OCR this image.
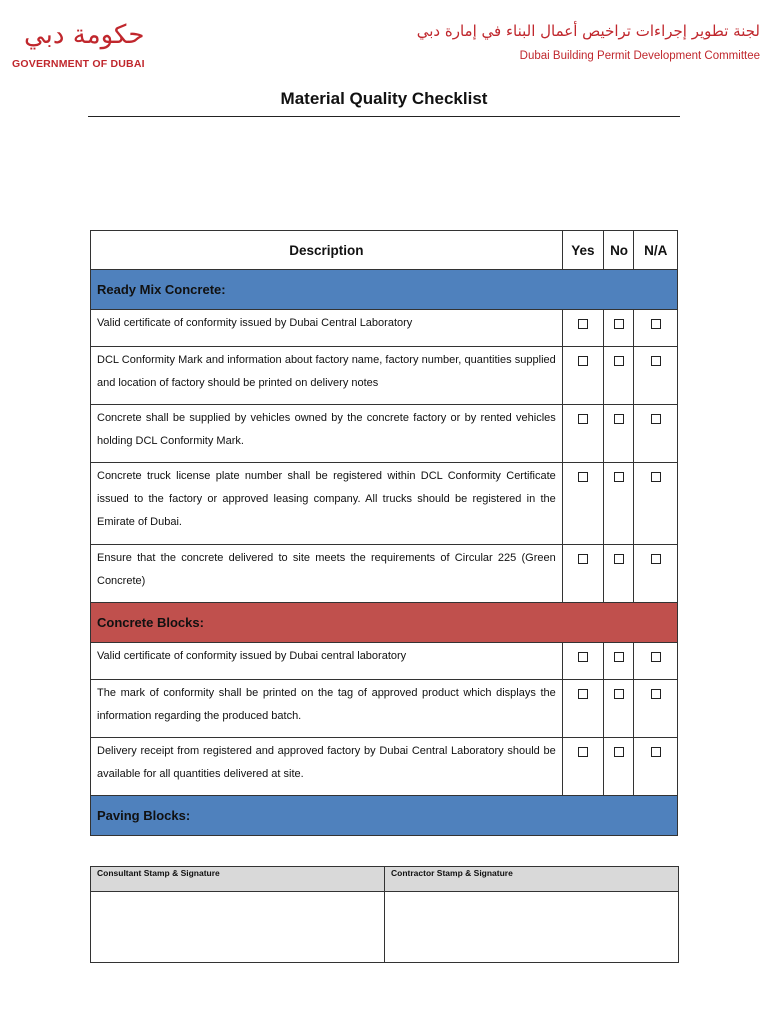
حكومة دبي
GOVERNMENT OF DUBAI
لجنة تطوير إجراءات تراخيص أعمال البناء في إمارة دبي
Dubai Building Permit Development Committee
Material Quality Checklist
Description	Yes	No	N/A
Ready Mix Concrete:			
Valid certificate of conformity issued by Dubai Central Laboratory			
DCL Conformity Mark and information about factory name, factory number, quantities supplied and location of factory should be printed on delivery notes			
Concrete shall be supplied by vehicles owned by the concrete factory or by rented vehicles holding DCL Conformity Mark.			
Concrete truck license plate number shall be registered within DCL Conformity Certificate issued to the factory or approved leasing company. All trucks should be registered in the Emirate of Dubai.			
Ensure that the concrete delivered to site meets the requirements of Circular 225 (Green Concrete)			
Concrete Blocks:			
Valid certificate of conformity issued by Dubai central laboratory			
The mark of conformity shall be printed on the tag of approved product which displays the information regarding the produced batch.			
Delivery receipt from registered and approved factory by Dubai Central Laboratory should be available for all quantities delivered at site.			
Paving Blocks:			
Consultant Stamp & Signature	Contractor Stamp & Signature
